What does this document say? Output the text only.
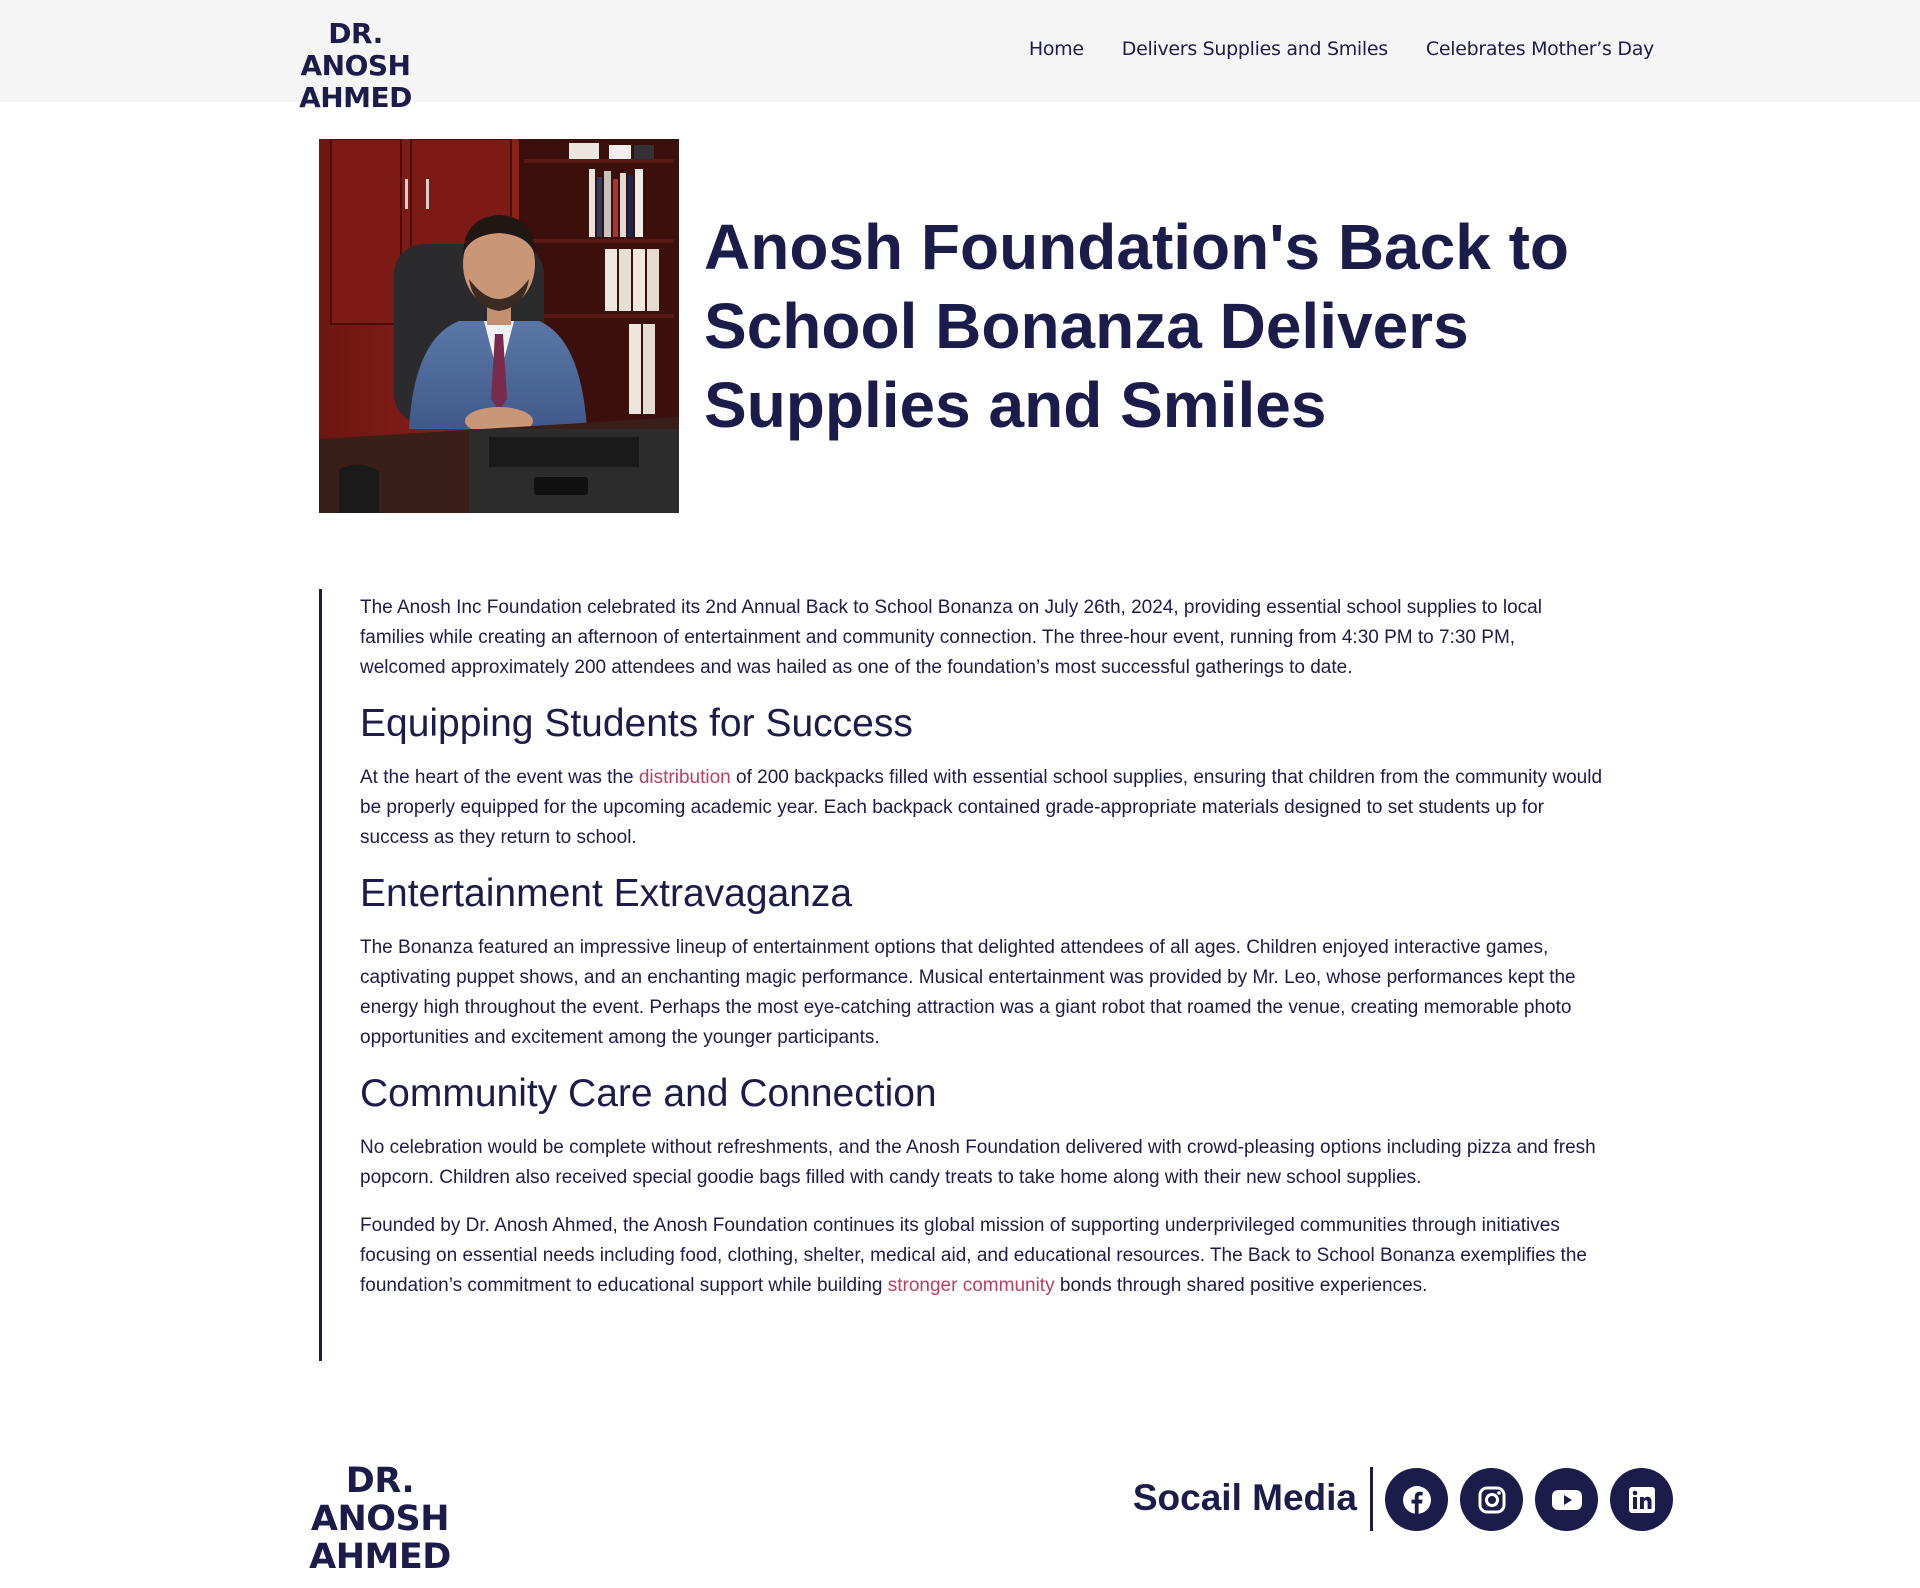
DR.
ANOSH AHMED
Home Delivers Supplies and Smiles Celebrates Mother’s Day
Anosh Foundation's Back to School Bonanza Delivers Supplies and Smiles

The Anosh Inc Foundation celebrated its 2nd Annual Back to School Bonanza on July 26th, 2024, providing essential school supplies to local families while creating an afternoon of entertainment and community connection. The three-hour event, running from 4:30 PM to 7:30 PM, welcomed approximately 200 attendees and was hailed as one of the foundation’s most successful gatherings to date.

Equipping Students for Success

At the heart of the event was the distribution of 200 backpacks filled with essential school supplies, ensuring that children from the community would be properly equipped for the upcoming academic year. Each backpack contained grade-appropriate materials designed to set students up for success as they return to school.

Entertainment Extravaganza

The Bonanza featured an impressive lineup of entertainment options that delighted attendees of all ages. Children enjoyed interactive games, captivating puppet shows, and an enchanting magic performance. Musical entertainment was provided by Mr. Leo, whose performances kept the energy high throughout the event. Perhaps the most eye-catching attraction was a giant robot that roamed the venue, creating memorable photo opportunities and excitement among the younger participants.

Community Care and Connection

No celebration would be complete without refreshments, and the Anosh Foundation delivered with crowd-pleasing options including pizza and fresh popcorn. Children also received special goodie bags filled with candy treats to take home along with their new school supplies.

Founded by Dr. Anosh Ahmed, the Anosh Foundation continues its global mission of supporting underprivileged communities through initiatives focusing on essential needs including food, clothing, shelter, medical aid, and educational resources. The Back to School Bonanza exemplifies the foundation’s commitment to educational support while building stronger community bonds through shared positive experiences.

DR.
ANOSH AHMED
Socail Media
